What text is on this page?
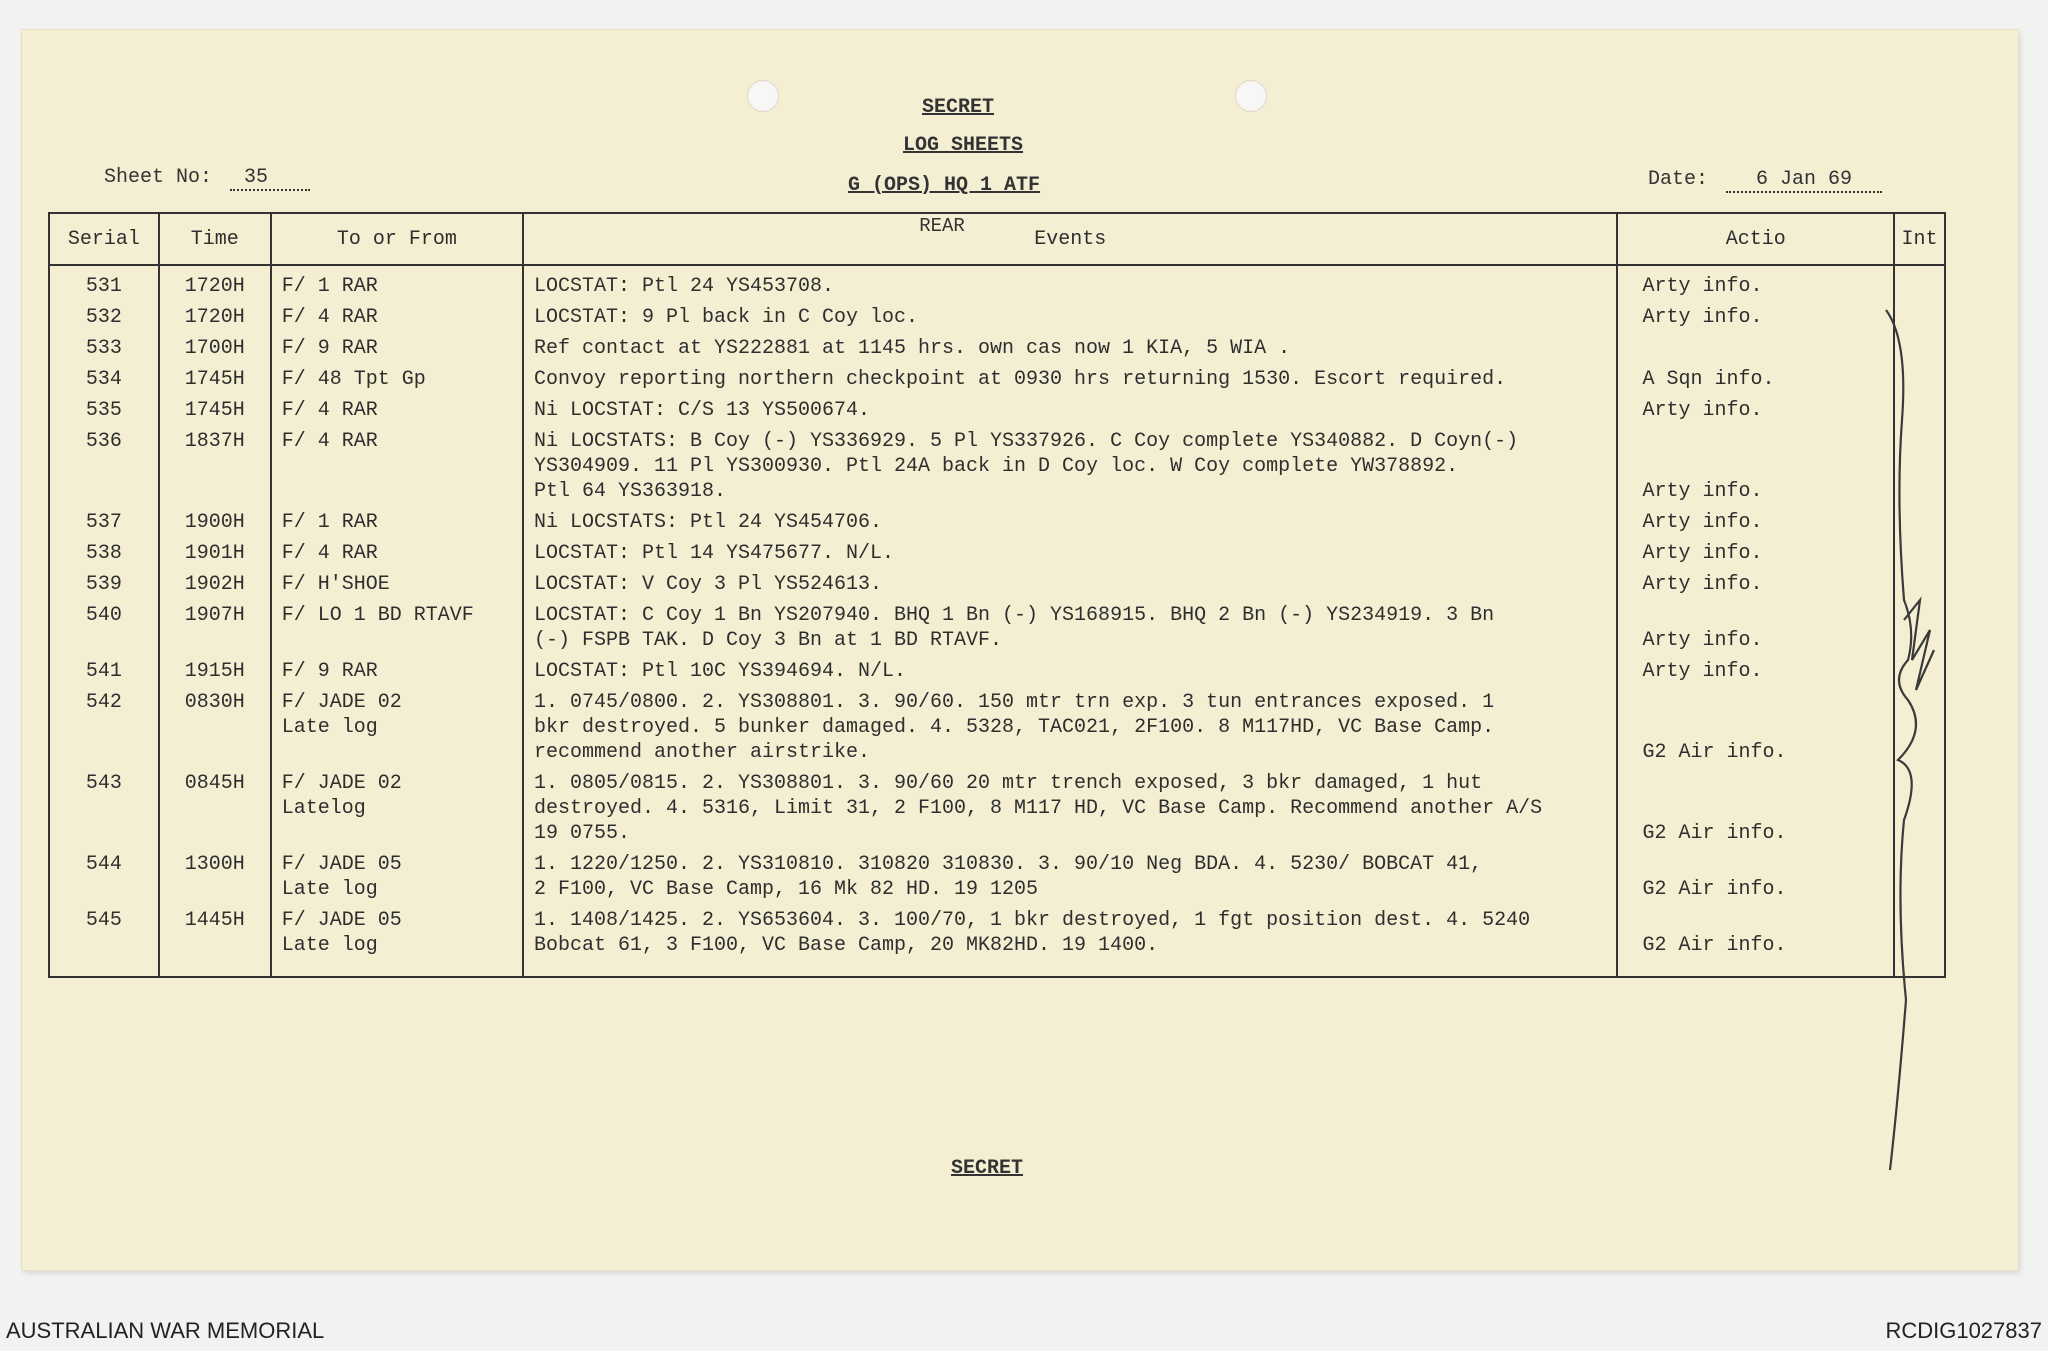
SECRET
LOG SHEETS
G (OPS) HQ 1 ATF
REAR
Sheet No: 35	Date: 6 Jan 69
Serial	Time	To or From	Events	Actio	Int
531	1720H	F/ 1 RAR	LOCSTAT: Ptl 24 YS453708.	Arty info.	
532	1720H	F/ 4 RAR	LOCSTAT: 9 Pl back in C Coy loc.	Arty info.	
533	1700H	F/ 9 RAR	Ref contact at YS222881 at 1145 hrs. own cas now 1 KIA, 5 WIA .		
534	1745H	F/ 48 Tpt Gp	Convoy reporting northern checkpoint at 0930 hrs returning 1530. Escort required.	A Sqn info.	
535	1745H	F/ 4 RAR	Ni LOCSTAT: C/S 13 YS500674.	Arty info.	
536	1837H	F/ 4 RAR	Ni LOCSTATS: B Coy (-) YS336929. 5 Pl YS337926. C Coy complete YS340882. D Coyn(-)
YS304909. 11 Pl YS300930. Ptl 24A back in D Coy loc. W Coy complete YW378892.
Ptl 64 YS363918.	Arty info.	
537	1900H	F/ 1 RAR	Ni LOCSTATS: Ptl 24 YS454706.	Arty info.	
538	1901H	F/ 4 RAR	LOCSTAT: Ptl 14 YS475677. N/L.	Arty info.	
539	1902H	F/ H'SHOE	LOCSTAT: V Coy 3 Pl YS524613.	Arty info.	
540	1907H	F/ LO 1 BD RTAVF	LOCSTAT: C Coy 1 Bn YS207940. BHQ 1 Bn (-) YS168915. BHQ 2 Bn (-) YS234919. 3 Bn
(-) FSPB TAK. D Coy 3 Bn at 1 BD RTAVF.	Arty info.	
541	1915H	F/ 9 RAR	LOCSTAT: Ptl 10C YS394694. N/L.	Arty info.	
542	0830H	F/ JADE 02
Late log	1. 0745/0800. 2. YS308801. 3. 90/60. 150 mtr trn exp. 3 tun entrances exposed. 1
bkr destroyed. 5 bunker damaged. 4. 5328, TAC021, 2F100. 8 M117HD, VC Base Camp.
recommend another airstrike.	G2 Air info.	
543	0845H	F/ JADE 02
Latelog	1. 0805/0815. 2. YS308801. 3. 90/60 20 mtr trench exposed, 3 bkr damaged, 1 hut
destroyed. 4. 5316, Limit 31, 2 F100, 8 M117 HD, VC Base Camp. Recommend another A/S
19 0755.	G2 Air info.	
544	1300H	F/ JADE 05
Late log	1. 1220/1250. 2. YS310810. 310820 310830. 3. 90/10 Neg BDA. 4. 5230/ BOBCAT 41,
2 F100, VC Base Camp, 16 Mk 82 HD. 19 1205	G2 Air info.	
545	1445H	F/ JADE 05
Late log	1. 1408/1425. 2. YS653604. 3. 100/70, 1 bkr destroyed, 1 fgt position dest. 4. 5240
Bobcat 61, 3 F100, VC Base Camp, 20 MK82HD. 19 1400.	G2 Air info.	
SECRET
AUSTRALIAN WAR MEMORIAL	RCDIG1027837
